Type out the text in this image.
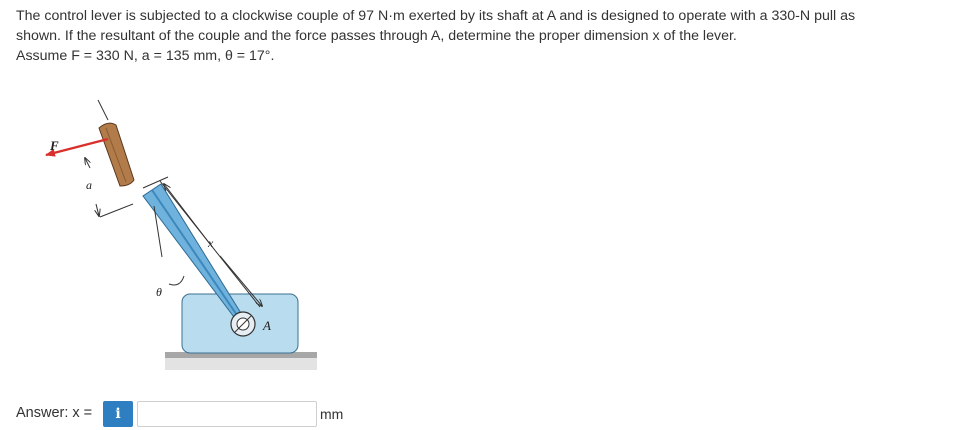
The control lever is subjected to a clockwise couple of 97 N·m exerted by its shaft at A and is designed to operate with a 330-N pull as

shown. If the resultant of the couple and the force passes through A, determine the proper dimension x of the lever.

Assume F = 330 N, a = 135 mm, θ = 17°.

A
F
a
x
θ
Answer: x = i	mm
